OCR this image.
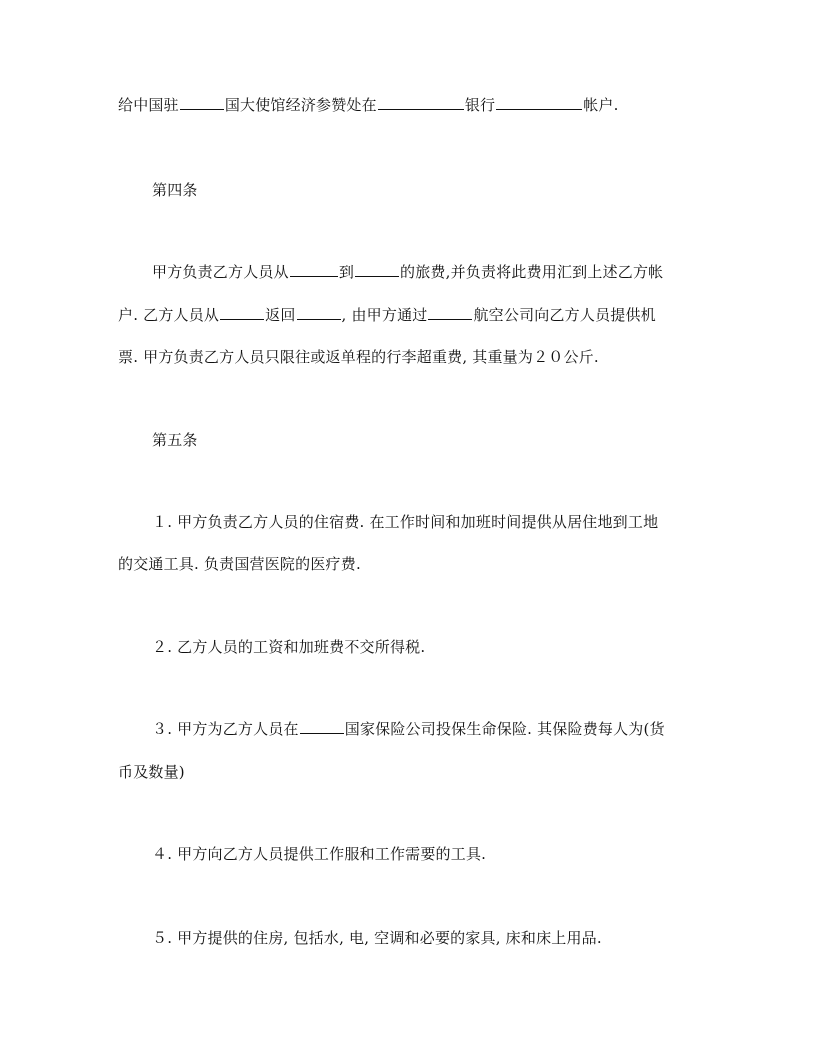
给中国驻	国大使馆经济参赞处在	银行	帐户.
第四条
甲方负责乙方人员从	到	的旅费,并负责将此费用汇到上述乙方帐
户. 乙方人员从	返回	, 由甲方通过	航空公司向乙方人员提供机
票. 甲方负责乙方人员只限往或返单程的行李超重费, 其重量为２０公斤.
第五条
１. 甲方负责乙方人员的住宿费. 在工作时间和加班时间提供从居住地到工地
的交通工具. 负责国营医院的医疗费.
２. 乙方人员的工资和加班费不交所得税.
３. 甲方为乙方人员在	国家保险公司投保生命保险. 其保险费每人为(货
币及数量)
４. 甲方向乙方人员提供工作服和工作需要的工具.
５. 甲方提供的住房, 包括水, 电, 空调和必要的家具, 床和床上用品.
